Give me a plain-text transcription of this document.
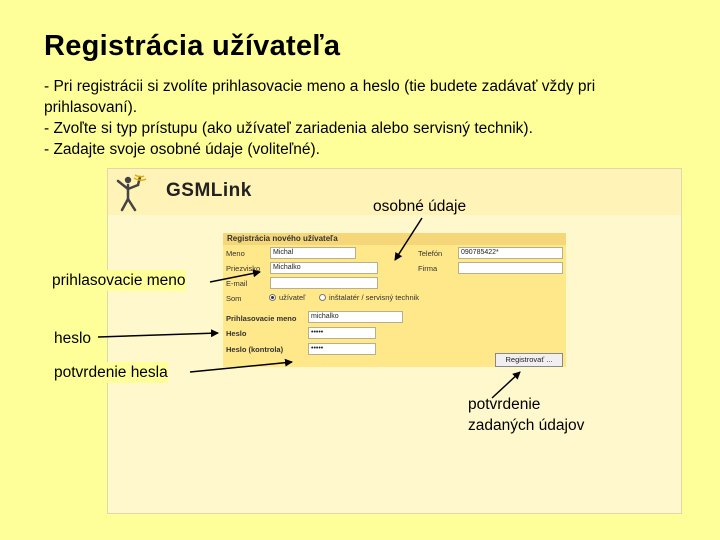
Registrácia užívateľa
- Pri registrácii si zvolíte prihlasovacie meno a heslo (tie budete zadávať vždy pri prihlasovaní).
- Zvoľte si typ prístupu (ako užívateľ zariadenia alebo servisný technik).
- Zadajte svoje osobné údaje (voliteľné).
GSMLink
Registrácia nového užívateľa
Meno	Michal
Priezvisko	Michalko
E-mail
Som	užívateľ	inštalatér / servisný technik
Telefón	090785422*
Firma
Prihlasovacie meno	michalko
Heslo	•••••
Heslo (kontrola)	•••••
Registrovať ...
osobné údaje
prihlasovacie meno
heslo
potvrdenie hesla
potvrdenie
zadaných údajov
